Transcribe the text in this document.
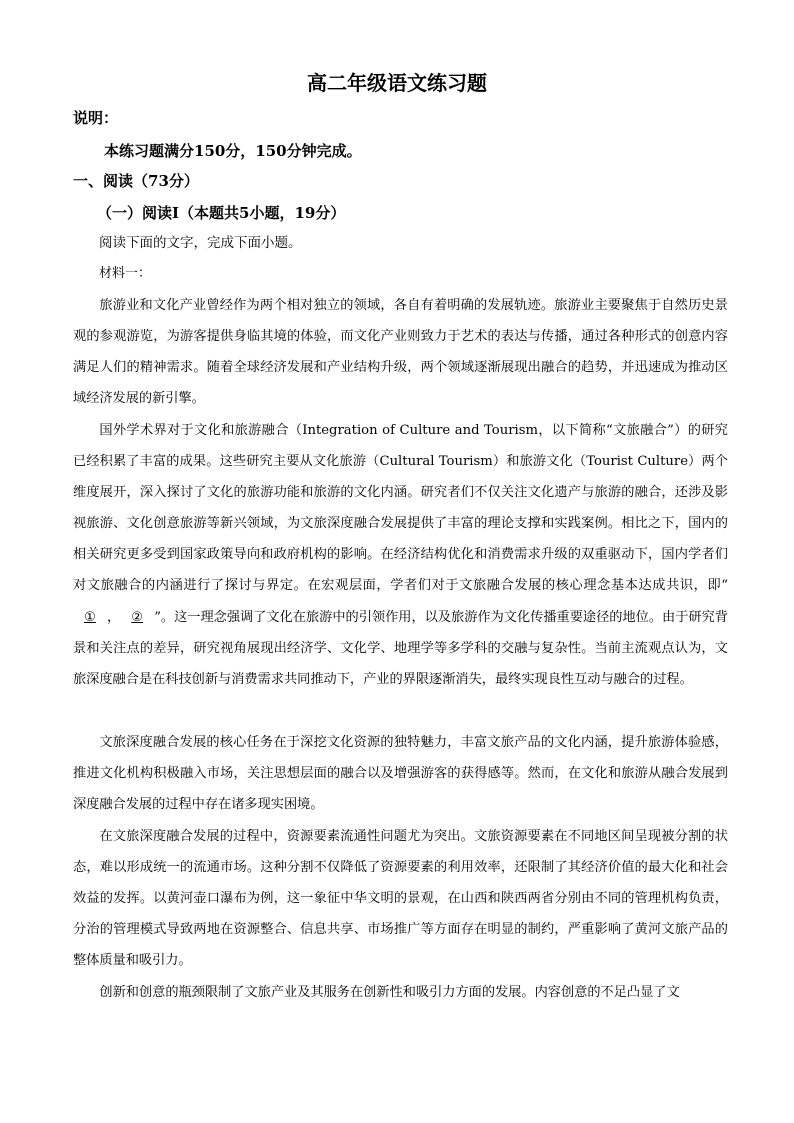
高二年级语文练习题
说明：
本练习题满分150分，150分钟完成。
一、阅读（73分）
（一）阅读Ⅰ（本题共5小题，19分）
阅读下面的文字，完成下面小题。
材料一：
旅游业和文化产业曾经作为两个相对独立的领域，各自有着明确的发展轨迹。旅游业主要聚焦于自然历史景观的参观游览，为游客提供身临其境的体验，而文化产业则致力于艺术的表达与传播，通过各种形式的创意内容满足人们的精神需求。随着全球经济发展和产业结构升级，两个领域逐渐展现出融合的趋势，并迅速成为推动区域经济发展的新引擎。
国外学术界对于文化和旅游融合（Integration of Culture and Tourism，以下简称“文旅融合”）的研究已经积累了丰富的成果。这些研究主要从文化旅游（Cultural Tourism）和旅游文化（Tourist Culture）两个维度展开，深入探讨了文化的旅游功能和旅游的文化内涵。研究者们不仅关注文化遗产与旅游的融合，还涉及影视旅游、文化创意旅游等新兴领域，为文旅深度融合发展提供了丰富的理论支撑和实践案例。相比之下，国内的相关研究更多受到国家政策导向和政府机构的影响。在经济结构优化和消费需求升级的双重驱动下，国内学者们对文旅融合的内涵进行了探讨与界定。在宏观层面，学者们对于文旅融合发展的核心理念基本达成共识，即“① ， ② ”。这一理念强调了文化在旅游中的引领作用，以及旅游作为文化传播重要途径的地位。由于研究背景和关注点的差异，研究视角展现出经济学、文化学、地理学等多学科的交融与复杂性。当前主流观点认为，文旅深度融合是在科技创新与消费需求共同推动下，产业的界限逐渐消失，最终实现良性互动与融合的过程。
文旅深度融合发展的核心任务在于深挖文化资源的独特魅力，丰富文旅产品的文化内涵，提升旅游体验感，推进文化机构积极融入市场，关注思想层面的融合以及增强游客的获得感等。然而，在文化和旅游从融合发展到深度融合发展的过程中存在诸多现实困境。
在文旅深度融合发展的过程中，资源要素流通性问题尤为突出。文旅资源要素在不同地区间呈现被分割的状态，难以形成统一的流通市场。这种分割不仅降低了资源要素的利用效率，还限制了其经济价值的最大化和社会效益的发挥。以黄河壶口瀑布为例，这一象征中华文明的景观，在山西和陕西两省分别由不同的管理机构负责，分治的管理模式导致两地在资源整合、信息共享、市场推广等方面存在明显的制约，严重影响了黄河文旅产品的整体质量和吸引力。
创新和创意的瓶颈限制了文旅产业及其服务在创新性和吸引力方面的发展。内容创意的不足凸显了文
